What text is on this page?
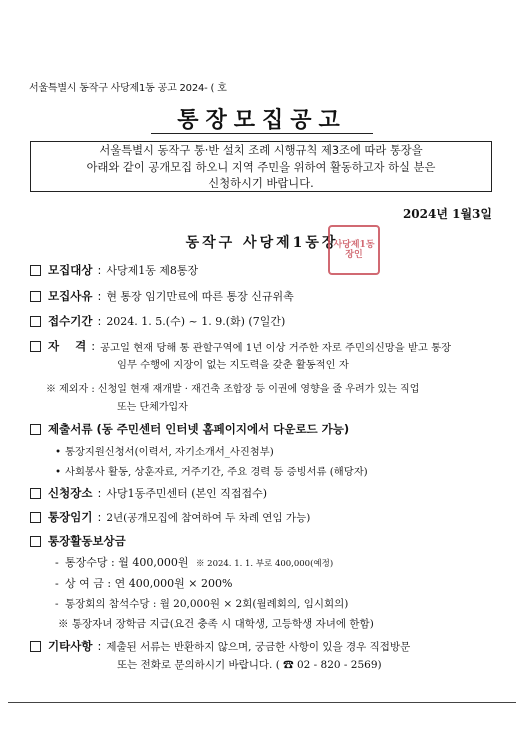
서울특별시 동작구 사당제1동 공고 2024- ( 호
통장모집공고
서울특별시 동작구 통·반 설치 조례 시행규칙 제3조에 따라 통장을
아래와 같이 공개모집 하오니 지역 주민을 위하여 활동하고자 하실 분은
신청하시기 바랍니다.
2024년 1월3일
동작구 사당제1동장
사당제1동장인
모집대상 : 사당제1동 제8통장
모집사유 : 현 통장 임기만료에 따른 통장 신규위촉
접수기간 : 2024. 1. 5.(수) ~ 1. 9.(화) (7일간)
자    격 : 공고일 현재 당해 통 관할구역에 1년 이상 거주한 자로 주민의신망을 받고 통장
임무 수행에 지장이 없는 지도력을 갖춘 활동적인 자
※ 제외자 : 신청일 현재 재개발 · 재건축 조합장 등 이권에 영향을 줄 우려가 있는 직업
또는 단체가입자
제출서류 (동 주민센터 인터넷 홈페이지에서 다운로드 가능)
• 통장지원신청서(이력서, 자기소개서_사진첨부)
• 사회봉사 활동, 상훈자료, 거주기간, 주요 경력 등 증빙서류 (해당자)
신청장소 : 사당1동주민센터 (본인 직접접수)
통장임기 : 2년(공개모집에 참여하여 두 차례 연임 가능)
통장활동보상금
- 통장수당 : 월 400,000원 ※ 2024. 1. 1. 부로 400,000(예정)
- 상 여 금 : 연 400,000원 × 200%
- 통장회의 참석수당 : 월 20,000원 × 2회(월례회의, 임시회의)
※ 통장자녀 장학금 지급(요건 충족 시 대학생, 고등학생 자녀에 한함)
기타사항 : 제출된 서류는 반환하지 않으며, 궁금한 사항이 있을 경우 직접방문
또는 전화로 문의하시기 바랍니다. ( ☎ 02 - 820 - 2569)
